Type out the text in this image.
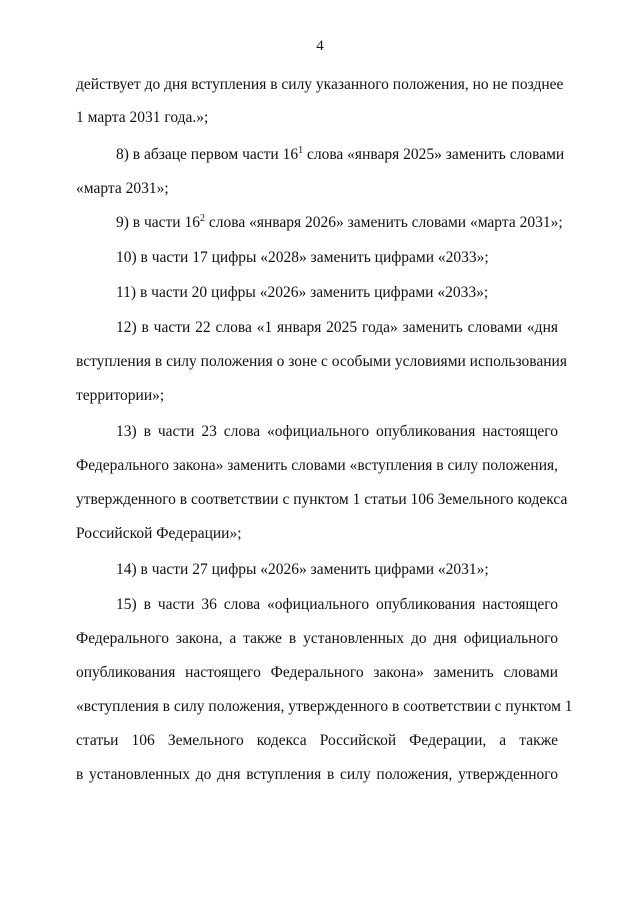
4
действует до дня вступления в силу указанного положения, но не позднее
1 марта 2031 года.»;
8) в абзаце первом части $16^1$ слова «января 2025» заменить словами
«марта 2031»;
9) в части $16^2$ слова «января 2026» заменить словами «марта 2031»;
10) в части 17 цифры «2028» заменить цифрами «2033»;
11) в части 20 цифры «2026» заменить цифрами «2033»;
12) в части 22 слова «1 января 2025 года» заменить словами «дня
вступления в силу положения о зоне с особыми условиями использования
территории»;
13) в части 23 слова «официального опубликования настоящего
Федерального закона» заменить словами «вступления в силу положения,
утвержденного в соответствии с пунктом 1 статьи 106 Земельного кодекса
Российской Федерации»;
14) в части 27 цифры «2026» заменить цифрами «2031»;
15) в части 36 слова «официального опубликования настоящего
Федерального закона, а также в установленных до дня официального
опубликования настоящего Федерального закона» заменить словами
«вступления в силу положения, утвержденного в соответствии с пунктом 1
статьи 106 Земельного кодекса Российской Федерации, а также
в установленных до дня вступления в силу положения, утвержденного
